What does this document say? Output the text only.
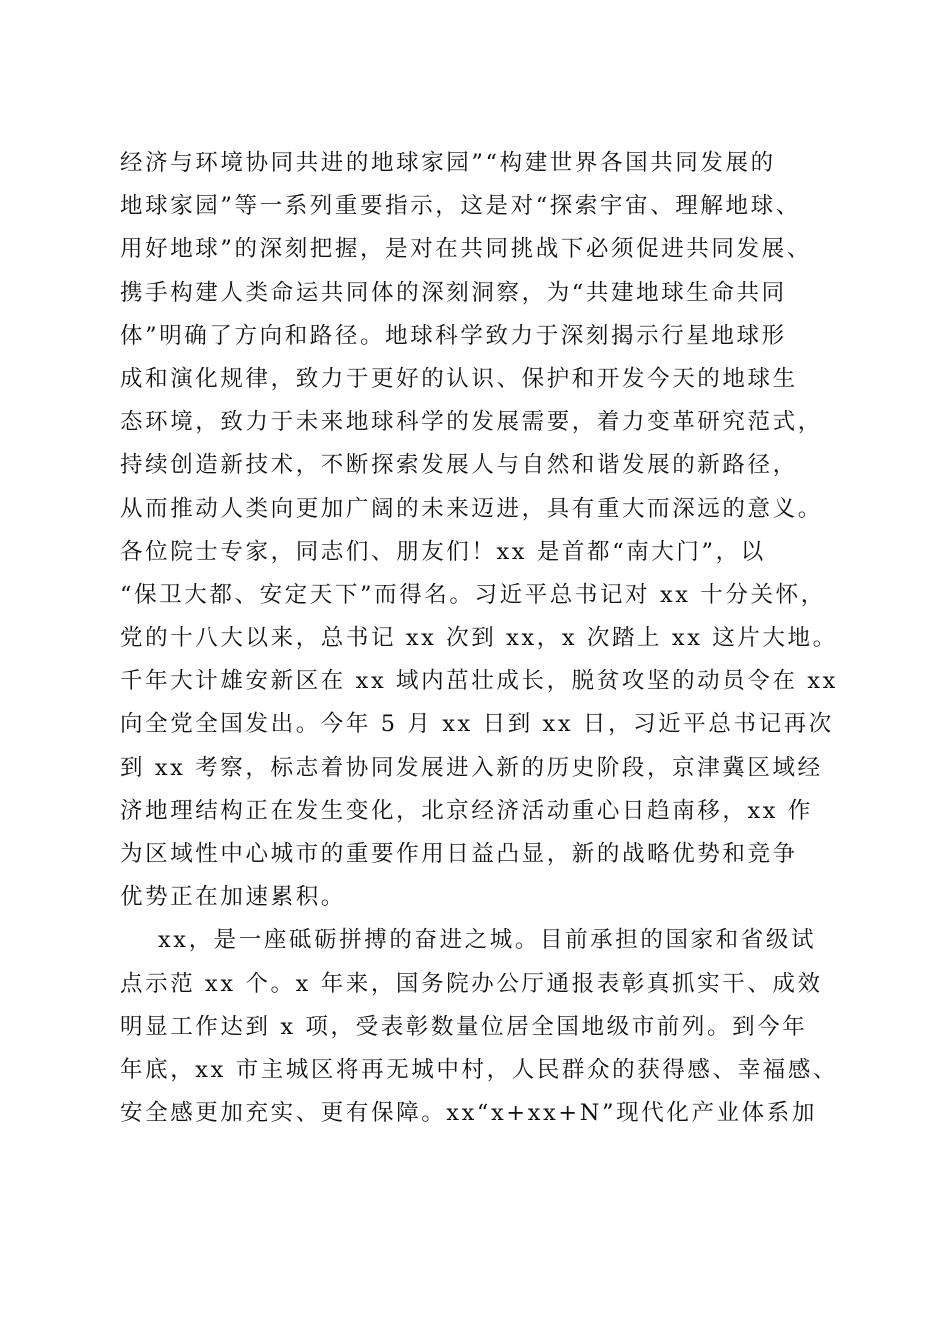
经济与环境协同共进的地球家园”“构建世界各国共同发展的
地球家园”等一系列重要指示，这是对“探索宇宙、理解地球、
用好地球”的深刻把握，是对在共同挑战下必须促进共同发展、
携手构建人类命运共同体的深刻洞察，为“共建地球生命共同
体”明确了方向和路径。地球科学致力于深刻揭示行星地球形
成和演化规律，致力于更好的认识、保护和开发今天的地球生
态环境，致力于未来地球科学的发展需要，着力变革研究范式，
持续创造新技术，不断探索发展人与自然和谐发展的新路径，
从而推动人类向更加广阔的未来迈进，具有重大而深远的意义。
各位院士专家，同志们、朋友们！xx 是首都“南大门”，以
“保卫大都、安定天下”而得名。习近平总书记对 xx 十分关怀，
党的十八大以来，总书记 xx 次到 xx，x 次踏上 xx 这片大地。
千年大计雄安新区在 xx 域内茁壮成长，脱贫攻坚的动员令在 xx
向全党全国发出。今年 5 月 xx 日到 xx 日，习近平总书记再次
到 xx 考察，标志着协同发展进入新的历史阶段，京津冀区域经
济地理结构正在发生变化，北京经济活动重心日趋南移，xx 作
为区域性中心城市的重要作用日益凸显，新的战略优势和竞争
优势正在加速累积。
xx，是一座砥砺拼搏的奋进之城。目前承担的国家和省级试
点示范 xx 个。x 年来，国务院办公厅通报表彰真抓实干、成效
明显工作达到 x 项，受表彰数量位居全国地级市前列。到今年
年底，xx 市主城区将再无城中村，人民群众的获得感、幸福感、
安全感更加充实、更有保障。xx“x+xx+N”现代化产业体系加
